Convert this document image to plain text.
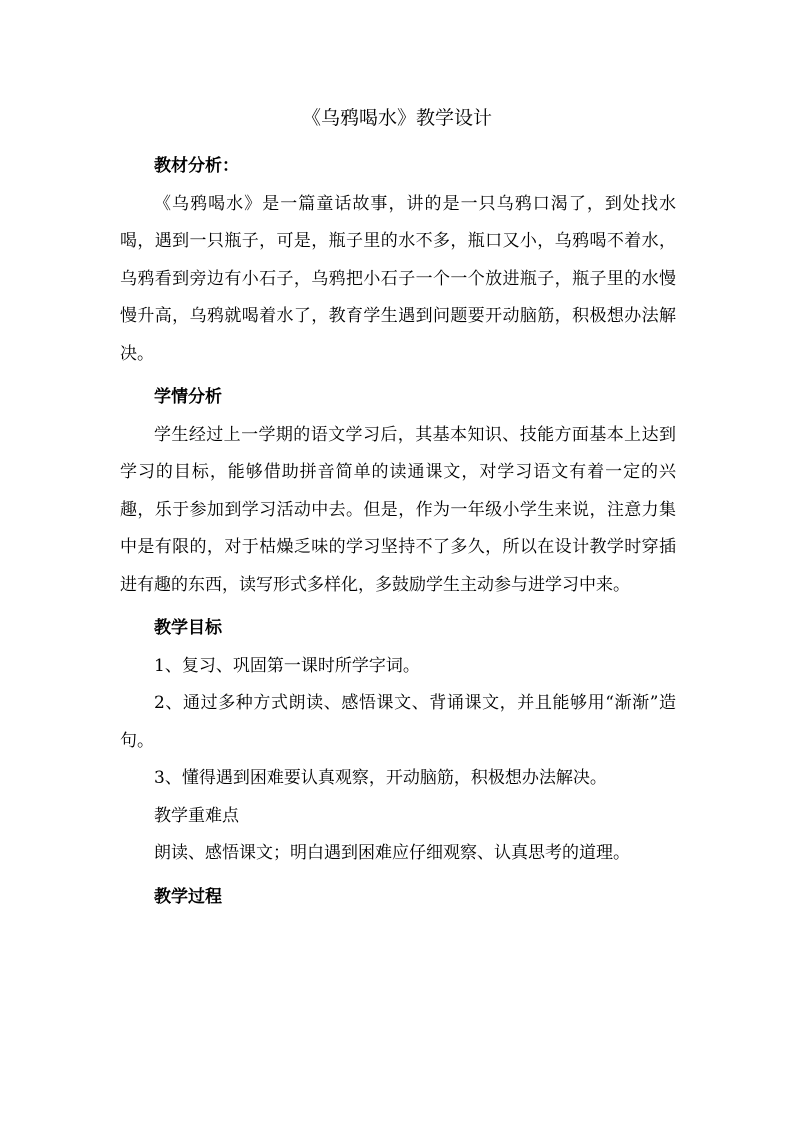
《乌鸦喝水》教学设计

教材分析：

《乌鸦喝水》是一篇童话故事，讲的是一只乌鸦口渴了，到处找水喝，遇到一只瓶子，可是，瓶子里的水不多，瓶口又小，乌鸦喝不着水，乌鸦看到旁边有小石子，乌鸦把小石子一个一个放进瓶子，瓶子里的水慢慢升高，乌鸦就喝着水了，教育学生遇到问题要开动脑筋，积极想办法解决。

学情分析

学生经过上一学期的语文学习后，其基本知识、技能方面基本上达到学习的目标，能够借助拼音简单的读通课文，对学习语文有着一定的兴趣，乐于参加到学习活动中去。但是，作为一年级小学生来说，注意力集中是有限的，对于枯燥乏味的学习坚持不了多久，所以在设计教学时穿插进有趣的东西，读写形式多样化，多鼓励学生主动参与进学习中来。

教学目标

1、复习、巩固第一课时所学字词。

2、通过多种方式朗读、感悟课文、背诵课文，并且能够用“渐渐”造句。

3、懂得遇到困难要认真观察，开动脑筋，积极想办法解决。

教学重难点

朗读、感悟课文；明白遇到困难应仔细观察、认真思考的道理。

教学过程
